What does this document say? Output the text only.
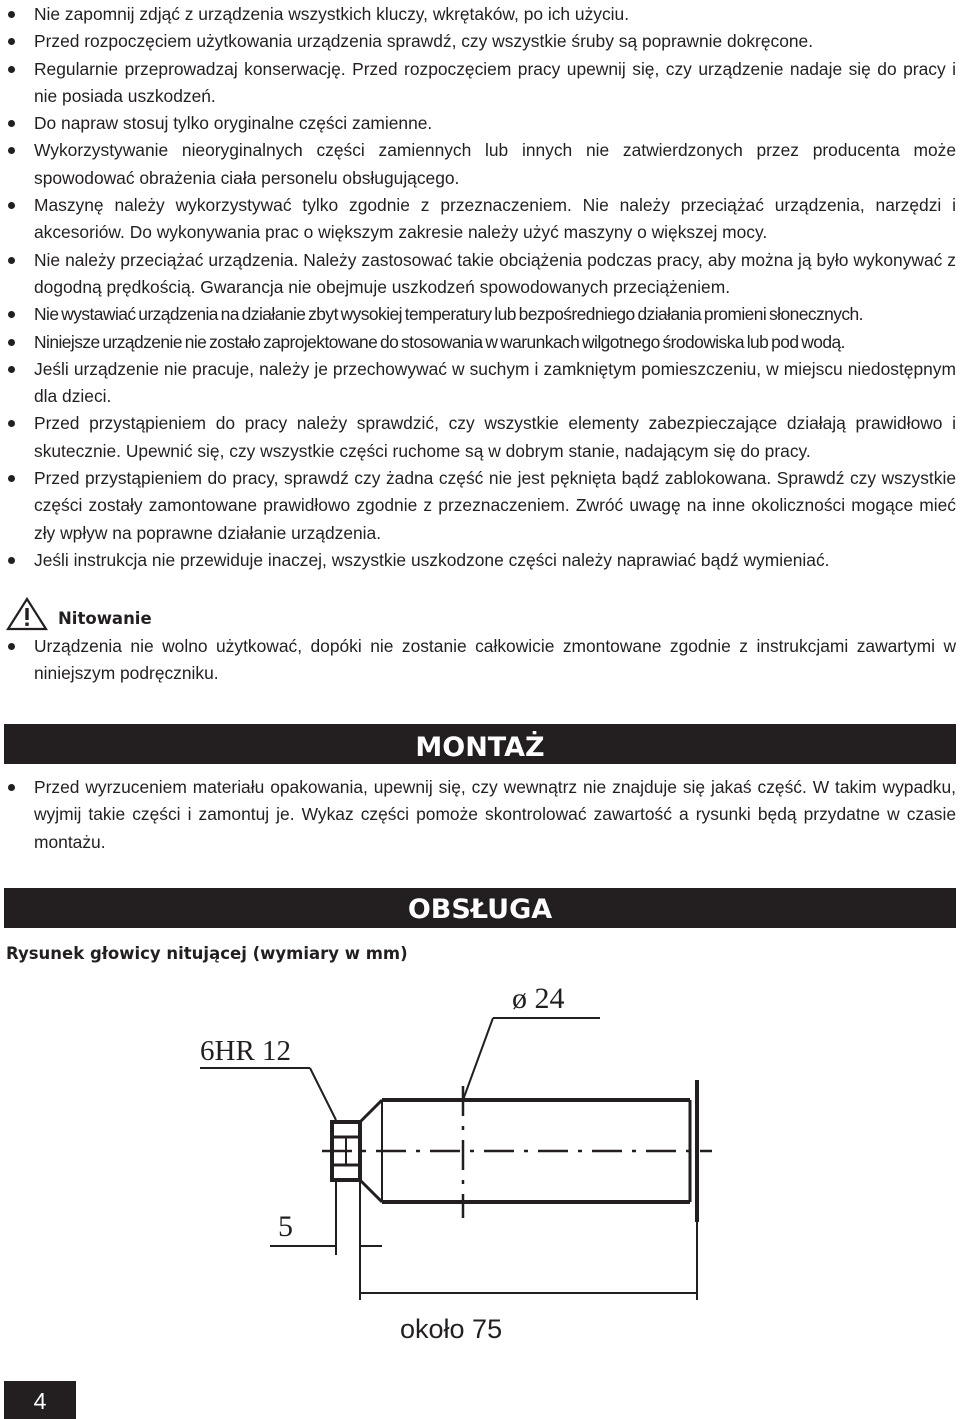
Nie zapomnij zdjąć z urządzenia wszystkich kluczy, wkrętaków, po ich użyciu.
Przed rozpoczęciem użytkowania urządzenia sprawdź, czy wszystkie śruby są poprawnie dokręcone.
Regularnie przeprowadzaj konserwację. Przed rozpoczęciem pracy upewnij się, czy urządzenie nadaje się do pracy i nie posiada uszkodzeń.
Do napraw stosuj tylko oryginalne części zamienne.
Wykorzystywanie nieoryginalnych części zamiennych lub innych nie zatwierdzonych przez producenta może spowodować obrażenia ciała personelu obsługującego.
Maszynę należy wykorzystywać tylko zgodnie z przeznaczeniem. Nie należy przeciążać urządzenia, narzędzi i akcesoriów. Do wykonywania prac o większym zakresie należy użyć maszyny o większej mocy.
Nie należy przeciążać urządzenia. Należy zastosować takie obciążenia podczas pracy, aby można ją było wykonywać z dogodną prędkością. Gwarancja nie obejmuje uszkodzeń spowodowanych przeciążeniem.
Nie wystawiać urządzenia na działanie zbyt wysokiej temperatury lub bezpośredniego działania promieni słonecznych.
Niniejsze urządzenie nie zostało zaprojektowane do stosowania w warunkach wilgotnego środowiska lub pod wodą.
Jeśli urządzenie nie pracuje, należy je przechowywać w suchym i zamkniętym pomieszczeniu, w miejscu niedostępnym dla dzieci.
Przed przystąpieniem do pracy należy sprawdzić, czy wszystkie elementy zabezpieczające działają prawidłowo i skutecznie. Upewnić się, czy wszystkie części ruchome są w dobrym stanie, nadającym się do pracy.
Przed przystąpieniem do pracy, sprawdź czy żadna część nie jest pęknięta bądź zablokowana. Sprawdź czy wszystkie części zostały zamontowane prawidłowo zgodnie z przeznaczeniem. Zwróć uwagę na inne okoliczności mogące mieć zły wpływ na poprawne działanie urządzenia.
Jeśli instrukcja nie przewiduje inaczej, wszystkie uszkodzone części należy naprawiać bądź wymieniać.
Nitowanie
Urządzenia nie wolno użytkować, dopóki nie zostanie całkowicie zmontowane zgodnie z instrukcjami zawartymi w niniejszym podręczniku.
MONTAŻ
Przed wyrzuceniem materiału opakowania, upewnij się, czy wewnątrz nie znajduje się jakaś część. W takim wypadku, wyjmij takie części i zamontuj je. Wykaz części pomoże skontrolować zawartość a rysunki będą przydatne w czasie montażu.
OBSŁUGA

Rysunek głowicy nitującej (wymiary w mm)

ø 24
6HR 12
5
około 75
4
